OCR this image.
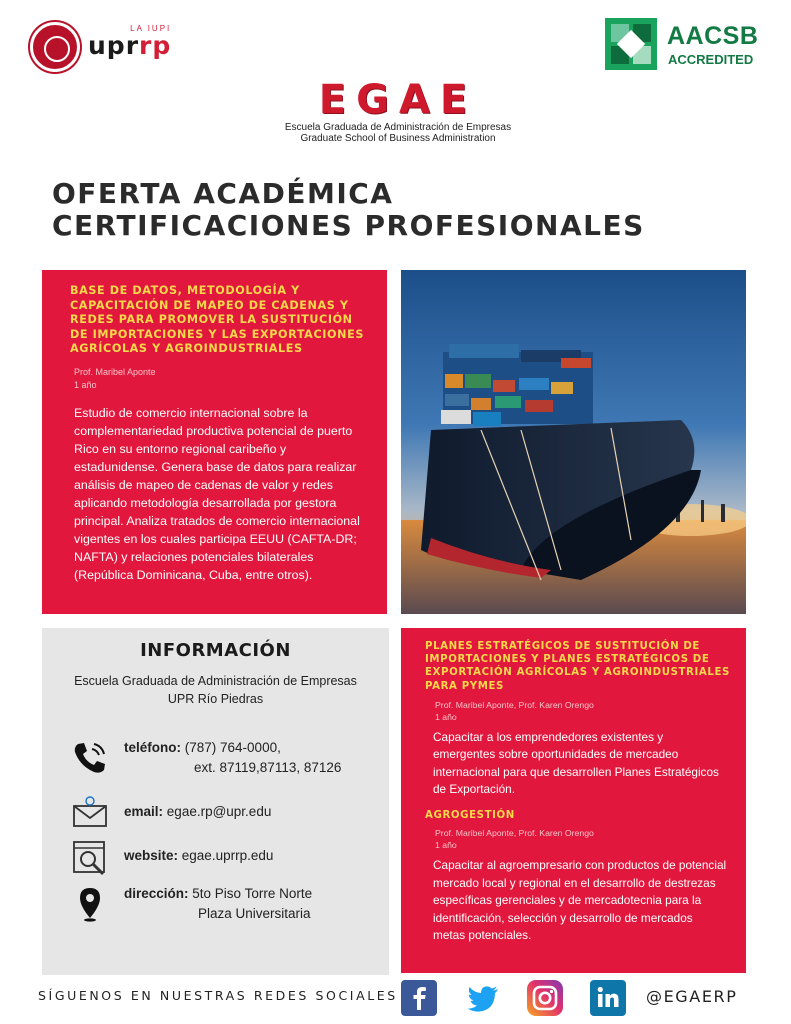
upr rp
LA IUPI	AACSB
ACCREDITED
EGAE
Escuela Graduada de Administración de Empresas
Graduate School of Business Administration
OFERTA ACADÉMICA
CERTIFICACIONES PROFESIONALES
BASE DE DATOS, METODOLOGÍA Y CAPACITACIÓN DE MAPEO DE CADENAS Y REDES PARA PROMOVER LA SUSTITUCIÓN DE IMPORTACIONES Y LAS EXPORTACIONES AGRÍCOLAS Y AGROINDUSTRIALES
Prof. Maribel Aponte
1 año
Estudio de comercio internacional sobre la complementariedad productiva potencial de puerto Rico en su entorno regional caribeño y estadunidense. Genera base de datos para realizar análisis de mapeo de cadenas de valor y redes aplicando metodología desarrollada por gestora principal. Analiza tratados de comercio internacional vigentes en los cuales participa EEUU (CAFTA-DR; NAFTA) y relaciones potenciales bilaterales (República Dominicana, Cuba, entre otros).
INFORMACIÓN
Escuela Graduada de Administración de Empresas
UPR Río Piedras
teléfono: (787) 764-0000,
ext. 87119,87113, 87126
email: egae.rp@upr.edu
website: egae.uprrp.edu
dirección: 5to Piso Torre Norte
Plaza Universitaria
PLANES ESTRATÉGICOS DE SUSTITUCIÓN DE IMPORTACIONES Y PLANES ESTRATÉGICOS DE EXPORTACIÓN AGRÍCOLAS Y AGROINDUSTRIALES PARA PYMES
Prof. Maribel Aponte, Prof. Karen Orengo
1 año
Capacitar a los emprendedores existentes y emergentes sobre oportunidades de mercadeo internacional para que desarrollen Planes Estratégicos de Exportación.
AGROGESTIÓN
Prof. Maribel Aponte, Prof. Karen Orengo
1 año
Capacitar al agroempresario con productos de potencial mercado local y regional en el desarrollo de destrezas específicas gerenciales y de mercadotecnia para la identificación, selección y desarrollo de mercados metas potenciales.
SÍGUENOS EN NUESTRAS REDES SOCIALES	@EGAERP
